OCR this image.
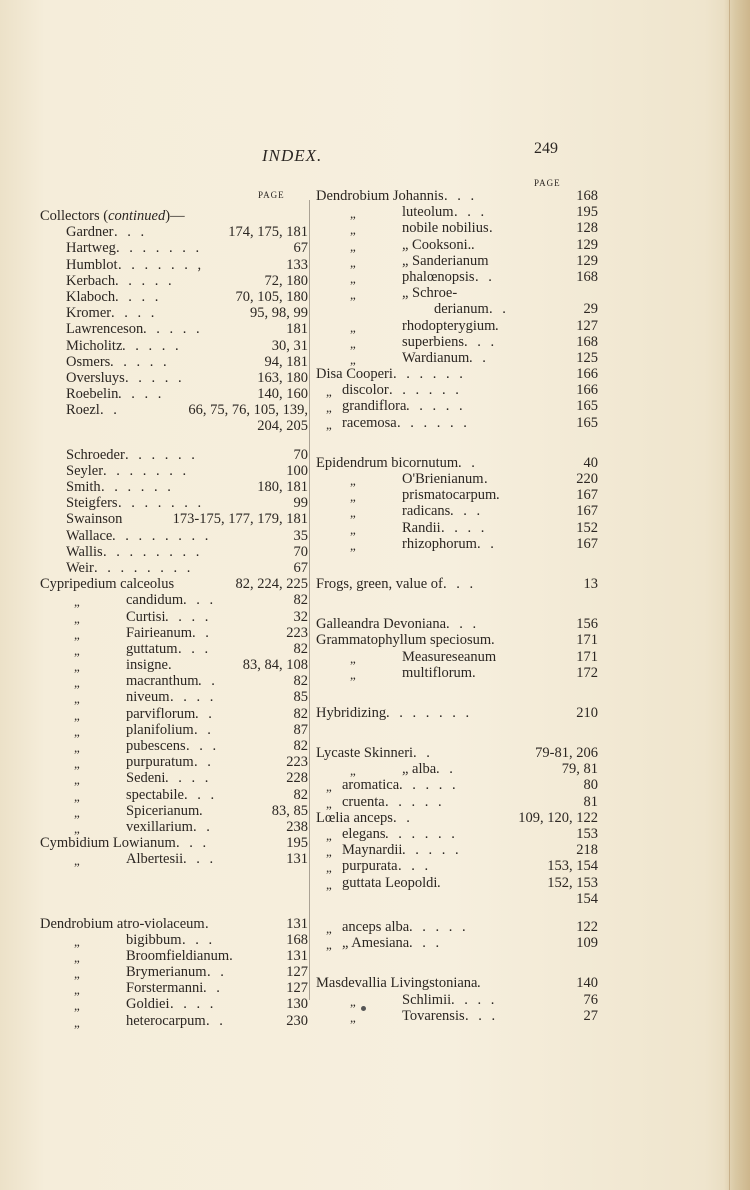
INDEX.	249
PAGE
PAGE
Collectors (continued)—
Gardner . . .	174, 175, 181
Hartweg . . . . . . .	67
Humblot . . . . . . ,	133
Kerbach . . . . .	72, 180
Klaboch . . . .	70, 105, 180
Kromer . . . .	95, 98, 99
Lawrenceson . . . . .	181
Micholitz . . . . .	30, 31
Osmers . . . . .	94, 181
Oversluys . . . . .	163, 180
Roebelin . . . .	140, 160
Roezl . .	66, 75, 76, 105, 139,
204, 205
Schroeder . . . . . .	70
Seyler . . . . . . .	100
Smith . . . . . .	180, 181
Steigfers . . . . . . .	99
Swainson	173-175, 177, 179, 181
Wallace . . . . . . . .	35
Wallis . . . . . . . .	70
Weir . . . . . . . .	67
Cypripedium calceolus	82, 224, 225
„	candidum . . .	82
„	Curtisi . . . .	32
„	Fairieanum . .	223
„	guttatum . . .	82
„	insigne .	83, 84, 108
„	macranthum . .	82
„	niveum . . . .	85
„	parviflorum . .	82
„	planifolium . .	87
„	pubescens . . .	82
„	purpuratum . .	223
„	Sedeni . . . .	228
„	spectabile . . .	82
„	Spicerianum .	83, 85
„	vexillarium . .	238
Cymbidium Lowianum . . .	195
„	Albertesii . . .	131
Dendrobium atro-violaceum .	131
„	bigibbum . . .	168
„	Broomfieldianum.	131
„	Brymerianum . .	127
„	Forstermanni . .	127
„	Goldiei . . . .	130
„	heterocarpum . .	230
Dendrobium Johannis . . .	168
„	luteolum . . .	195
„	nobile nobilius .	128
„	„ Cooksoni. .	129
„	„ Sanderianum	129
„	phalœnopsis . .	168
„	„ Schroe-
derianum . .	29
„	rhodopterygium .	127
„	superbiens . . .	168
„	Wardianum . .	125
Disa Cooperi . . . . . .	166
„ discolor . . . . . .	166
„ grandiflora . . . . .	165
„ racemosa . . . . . .	165
Epidendrum bicornutum . .	40
„	O'Brienianum .	220
„	prismatocarpum .	167
„	radicans . . .	167
„	Randii . . . .	152
„	rhizophorum . .	167
Frogs, green, value of . . .	13
Galleandra Devoniana . . .	156
Grammatophyllum speciosum .	171
„	Measureseanum	171
„	multiflorum .	172
Hybridizing . . . . . . .	210
Lycaste Skinneri . .	79-81, 206
„	„ alba . .	79, 81
„ aromatica . . . . .	80
„ cruenta . . . . .	81
Lœlia anceps . .	109, 120, 122
„ elegans . . . . . .	153
„ Maynardii . . . . .	218
„ purpurata . . .	153, 154
„ guttata Leopoldi .	152, 153
154
„ anceps alba . . . . .	122
„ „ Amesiana . . .	109
Masdevallia Livingstoniana .	140
„	Schlimii . . . .	76
„	Tovarensis . . .	27
